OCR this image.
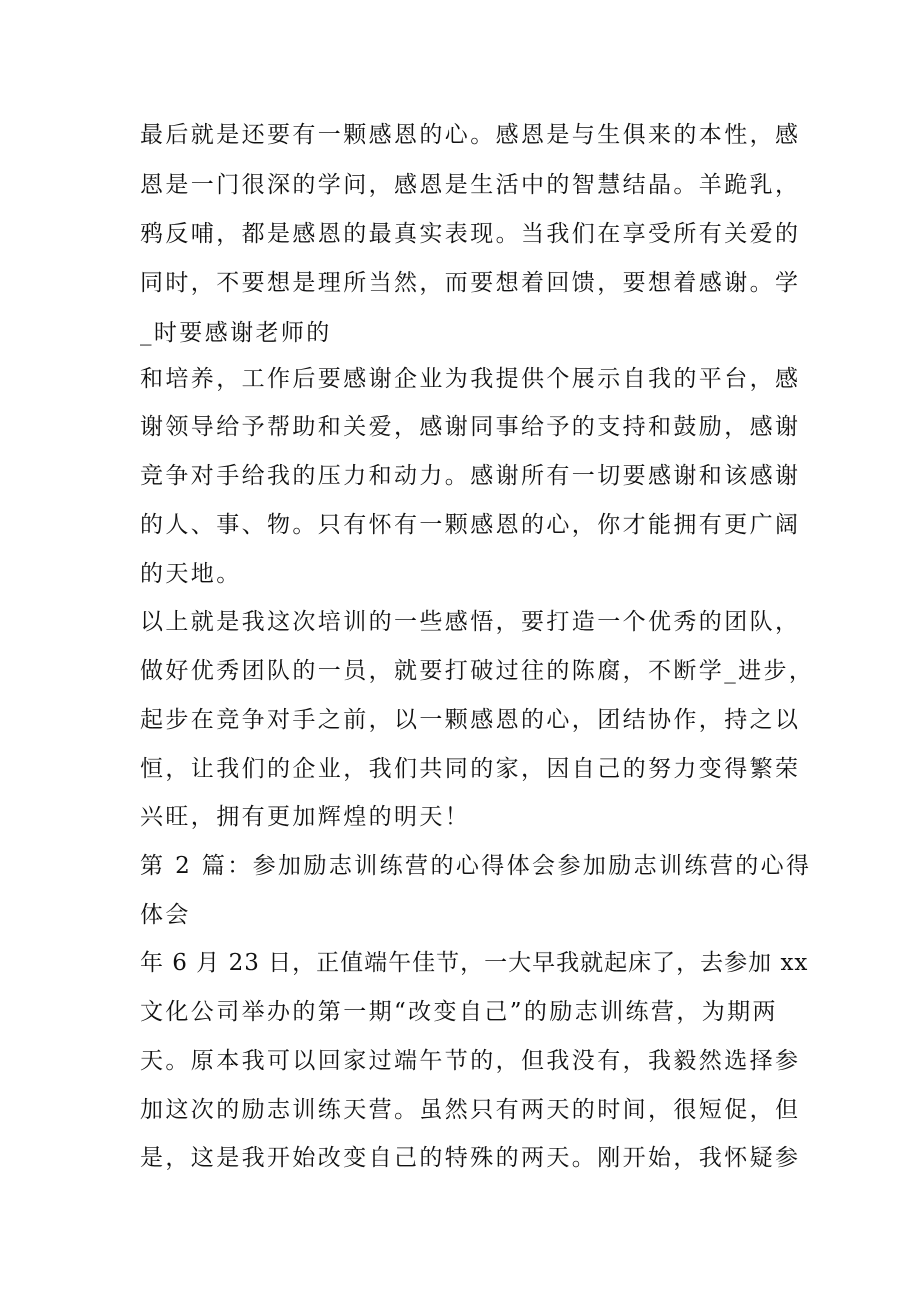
最后就是还要有一颗感恩的心。感恩是与生俱来的本性，感
恩是一门很深的学问，感恩是生活中的智慧结晶。羊跪乳，
鸦反哺，都是感恩的最真实表现。当我们在享受所有关爱的
同时，不要想是理所当然，而要想着回馈，要想着感谢。学
_时要感谢老师的
和培养，工作后要感谢企业为我提供个展示自我的平台，感
谢领导给予帮助和关爱，感谢同事给予的支持和鼓励，感谢
竞争对手给我的压力和动力。感谢所有一切要感谢和该感谢
的人、事、物。只有怀有一颗感恩的心，你才能拥有更广阔
的天地。
以上就是我这次培训的一些感悟，要打造一个优秀的团队，
做好优秀团队的一员，就要打破过往的陈腐，不断学_进步，
起步在竞争对手之前，以一颗感恩的心，团结协作，持之以
恒，让我们的企业，我们共同的家，因自己的努力变得繁荣
兴旺，拥有更加辉煌的明天！
第 2 篇：参加励志训练营的心得体会参加励志训练营的心得
体会
年 6 月 23 日，正值端午佳节，一大早我就起床了，去参加 xx
文化公司举办的第一期“改变自己”的励志训练营，为期两
天。原本我可以回家过端午节的，但我没有，我毅然选择参
加这次的励志训练天营。虽然只有两天的时间，很短促，但
是，这是我开始改变自己的特殊的两天。刚开始，我怀疑参
